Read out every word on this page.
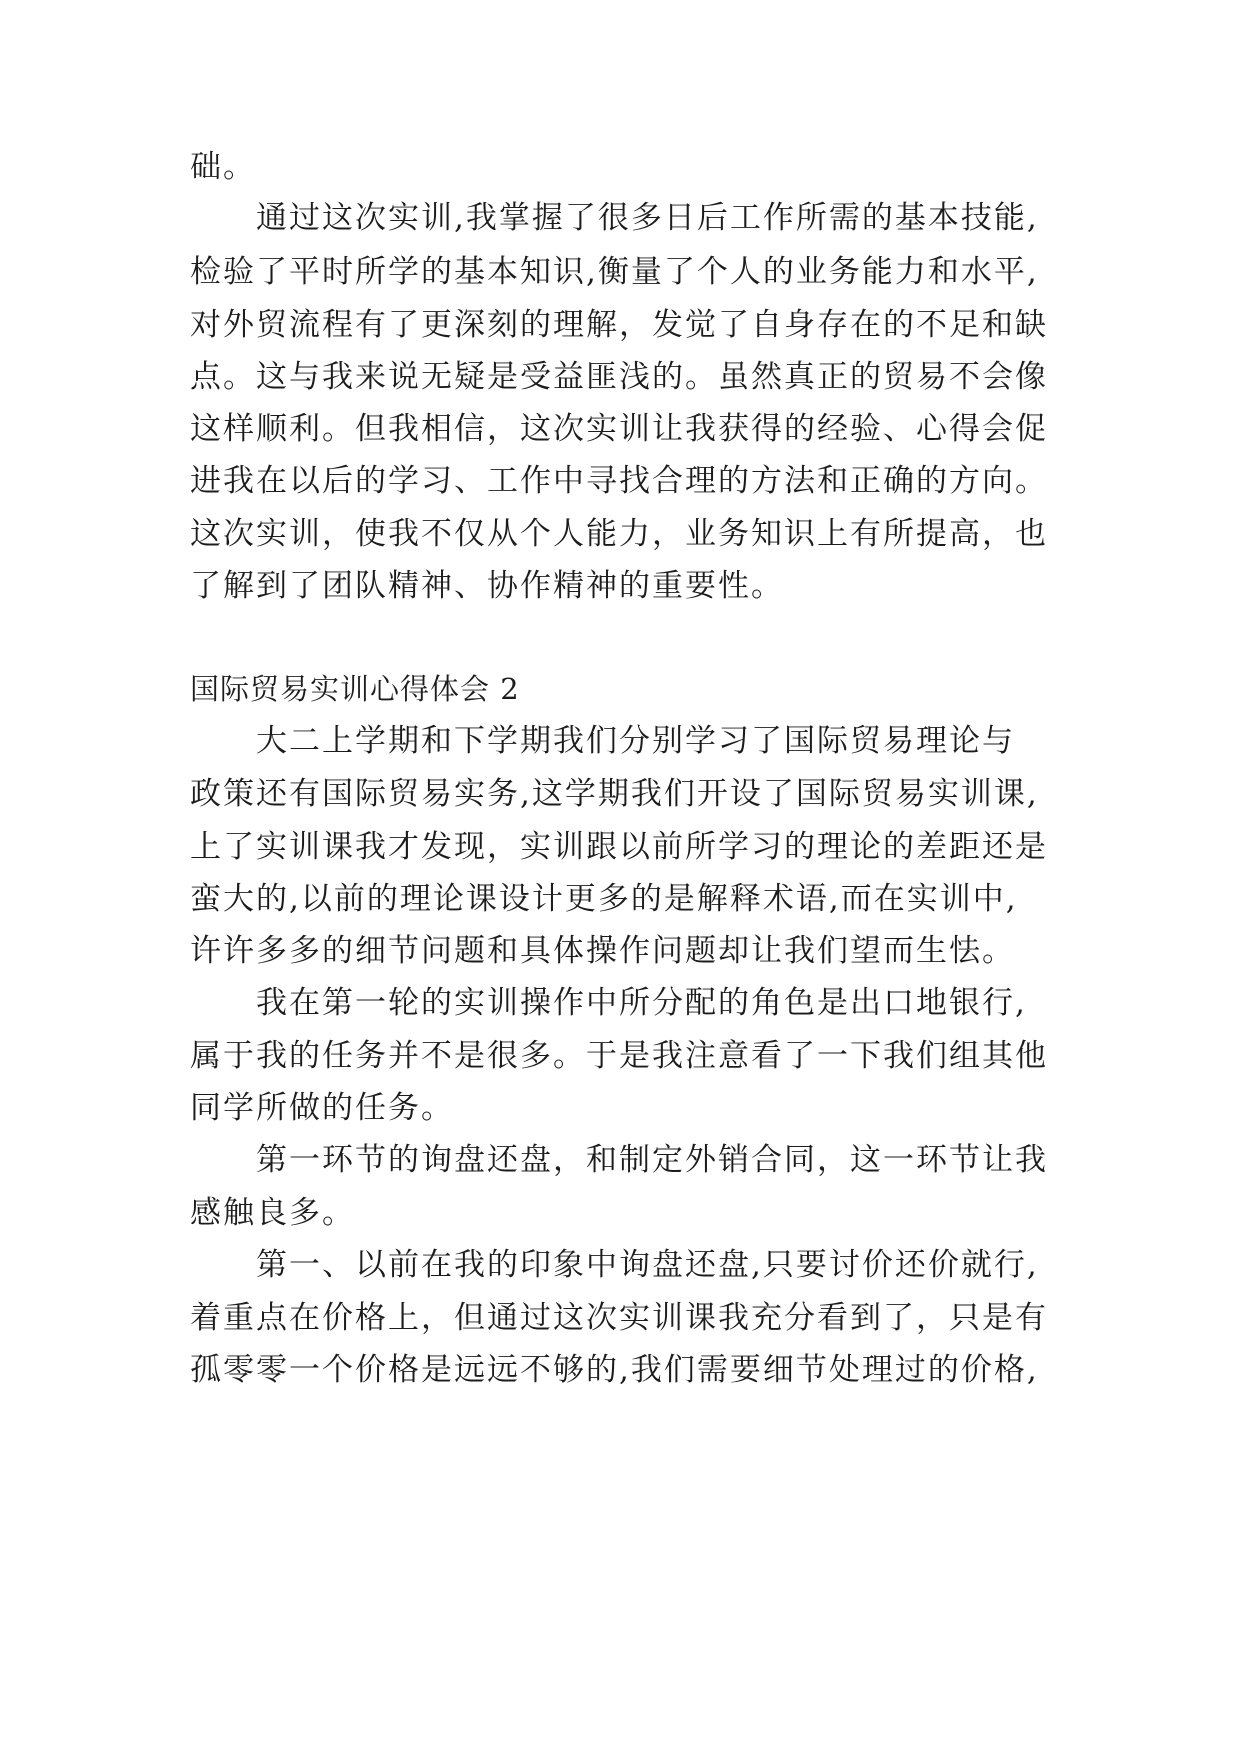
础。
通过这次实训,我掌握了很多日后工作所需的基本技能,
检验了平时所学的基本知识,衡量了个人的业务能力和水平,
对外贸流程有了更深刻的理解，发觉了自身存在的不足和缺
点。这与我来说无疑是受益匪浅的。虽然真正的贸易不会像
这样顺利。但我相信，这次实训让我获得的经验、心得会促
进我在以后的学习、工作中寻找合理的方法和正确的方向。
这次实训，使我不仅从个人能力，业务知识上有所提高，也
了解到了团队精神、协作精神的重要性。
国际贸易实训心得体会 2
大二上学期和下学期我们分别学习了国际贸易理论与
政策还有国际贸易实务,这学期我们开设了国际贸易实训课,
上了实训课我才发现，实训跟以前所学习的理论的差距还是
蛮大的,以前的理论课设计更多的是解释术语,而在实训中,
许许多多的细节问题和具体操作问题却让我们望而生怯。
我在第一轮的实训操作中所分配的角色是出口地银行,
属于我的任务并不是很多。于是我注意看了一下我们组其他
同学所做的任务。
第一环节的询盘还盘，和制定外销合同，这一环节让我
感触良多。
第一、以前在我的印象中询盘还盘,只要讨价还价就行,
着重点在价格上，但通过这次实训课我充分看到了，只是有
孤零零一个价格是远远不够的,我们需要细节处理过的价格,
